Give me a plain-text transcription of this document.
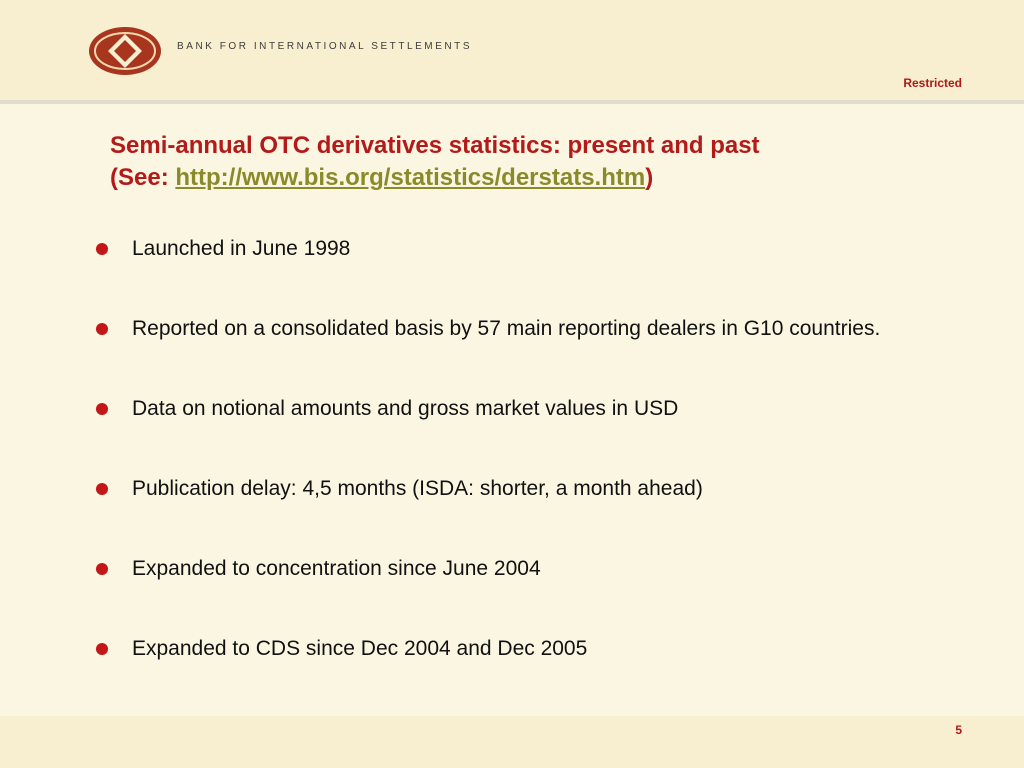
BANK FOR INTERNATIONAL SETTLEMENTS
Restricted
Semi-annual OTC derivatives statistics: present and past
(See: http://www.bis.org/statistics/derstats.htm)
Launched in June 1998
Reported on a consolidated basis by 57 main reporting dealers in G10 countries.
Data on notional amounts and gross market values in USD
Publication delay: 4,5 months (ISDA: shorter, a month ahead)
Expanded to concentration since June 2004
Expanded to CDS since Dec 2004 and Dec 2005
5
